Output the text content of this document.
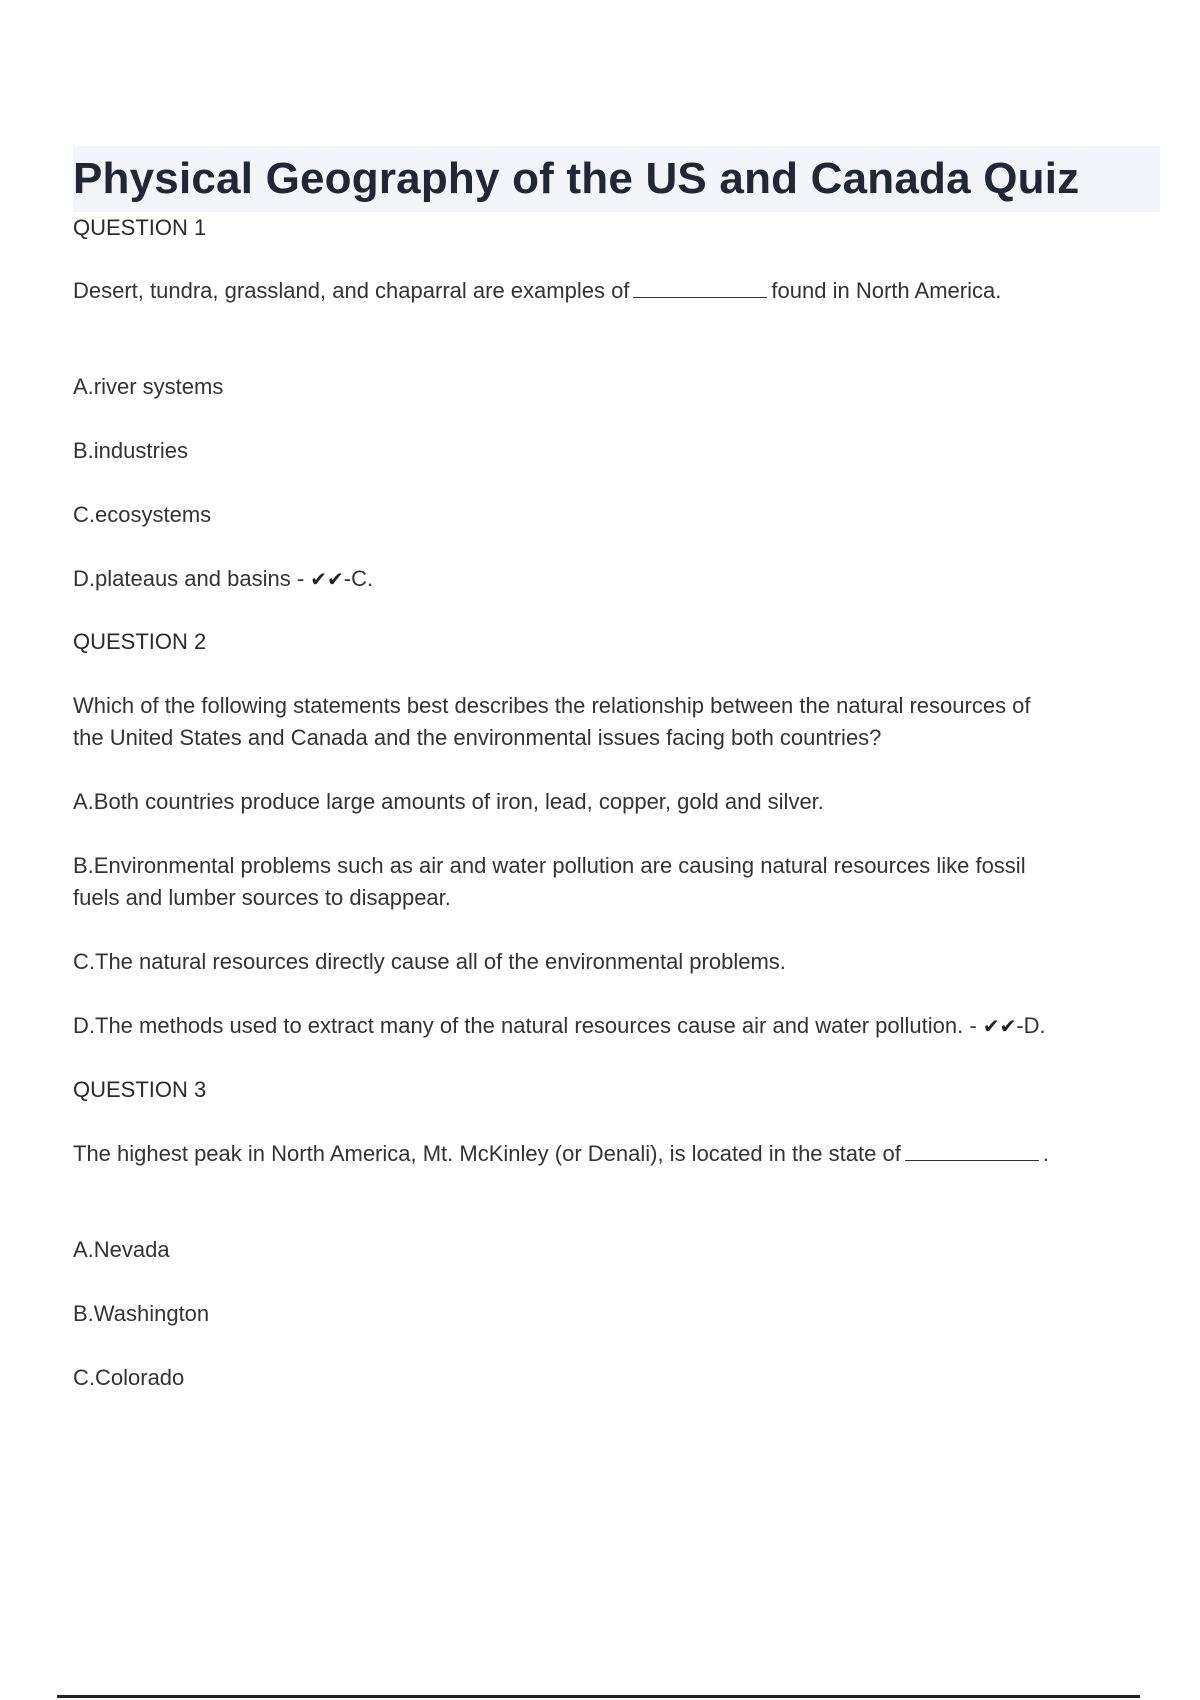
Physical Geography of the US and Canada Quiz
QUESTION 1
Desert, tundra, grassland, and chaparral are examples of	found in North America.
A.river systems
B.industries
C.ecosystems
D.plateaus and basins - ✔✔-C.
QUESTION 2
Which of the following statements best describes the relationship between the natural resources of
the United States and Canada and the environmental issues facing both countries?
A.Both countries produce large amounts of iron, lead, copper, gold and silver.
B.Environmental problems such as air and water pollution are causing natural resources like fossil
fuels and lumber sources to disappear.
C.The natural resources directly cause all of the environmental problems.
D.The methods used to extract many of the natural resources cause air and water pollution. - ✔✔-D.
QUESTION 3
The highest peak in North America, Mt. McKinley (or Denali), is located in the state of	.
A.Nevada
B.Washington
C.Colorado
